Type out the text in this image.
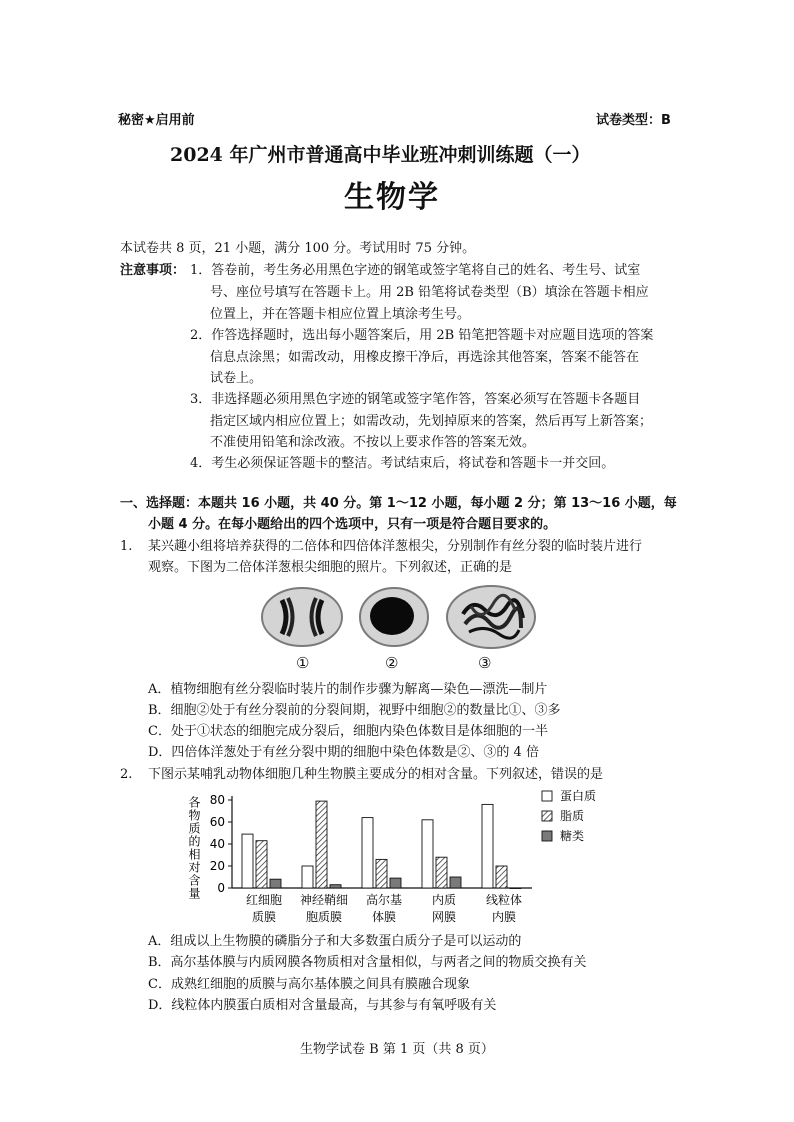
秘密★启用前	试卷类型：B
2024 年广州市普通高中毕业班冲刺训练题（一）
生物学
本试卷共 8 页，21 小题，满分 100 分。考试用时 75 分钟。
注意事项： 1．答卷前，考生务必用黑色字迹的钢笔或签字笔将自己的姓名、考生号、试室
号、座位号填写在答题卡上。用 2B 铅笔将试卷类型（B）填涂在答题卡相应
位置上，并在答题卡相应位置上填涂考生号。
2．作答选择题时，选出每小题答案后，用 2B 铅笔把答题卡对应题目选项的答案
信息点涂黑；如需改动，用橡皮擦干净后，再选涂其他答案，答案不能答在
试卷上。
3．非选择题必须用黑色字迹的钢笔或签字笔作答，答案必须写在答题卡各题目
指定区域内相应位置上；如需改动，先划掉原来的答案，然后再写上新答案；
不准使用铅笔和涂改液。不按以上要求作答的答案无效。
4．考生必须保证答题卡的整洁。考试结束后，将试卷和答题卡一并交回。
一、选择题：本题共 16 小题，共 40 分。第 1～12 小题，每小题 2 分；第 13～16 小题，每
小题 4 分。在每小题给出的四个选项中，只有一项是符合题目要求的。
1. 某兴趣小组将培养获得的二倍体和四倍体洋葱根尖，分别制作有丝分裂的临时装片进行
观察。下图为二倍体洋葱根尖细胞的照片。下列叙述，正确的是
①	②	③
A．植物细胞有丝分裂临时装片的制作步骤为解离—染色—漂洗—制片
B．细胞②处于有丝分裂前的分裂间期，视野中细胞②的数量比①、③多
C．处于①状态的细胞完成分裂后，细胞内染色体数目是体细胞的一半
D．四倍体洋葱处于有丝分裂中期的细胞中染色体数是②、③的 4 倍
2. 下图示某哺乳动物体细胞几种生物膜主要成分的相对含量。下列叙述，错误的是
各物质的相对含量 0
20
40
60
80
红细胞
质膜
神经鞘细
胞质膜
高尔基
体膜
内质
网膜
线粒体
内膜
蛋白质
脂质
糖类
A．组成以上生物膜的磷脂分子和大多数蛋白质分子是可以运动的
B．高尔基体膜与内质网膜各物质相对含量相似，与两者之间的物质交换有关
C．成熟红细胞的质膜与高尔基体膜之间具有膜融合现象
D．线粒体内膜蛋白质相对含量最高，与其参与有氧呼吸有关
生物学试卷 B 第 1 页（共 8 页）
